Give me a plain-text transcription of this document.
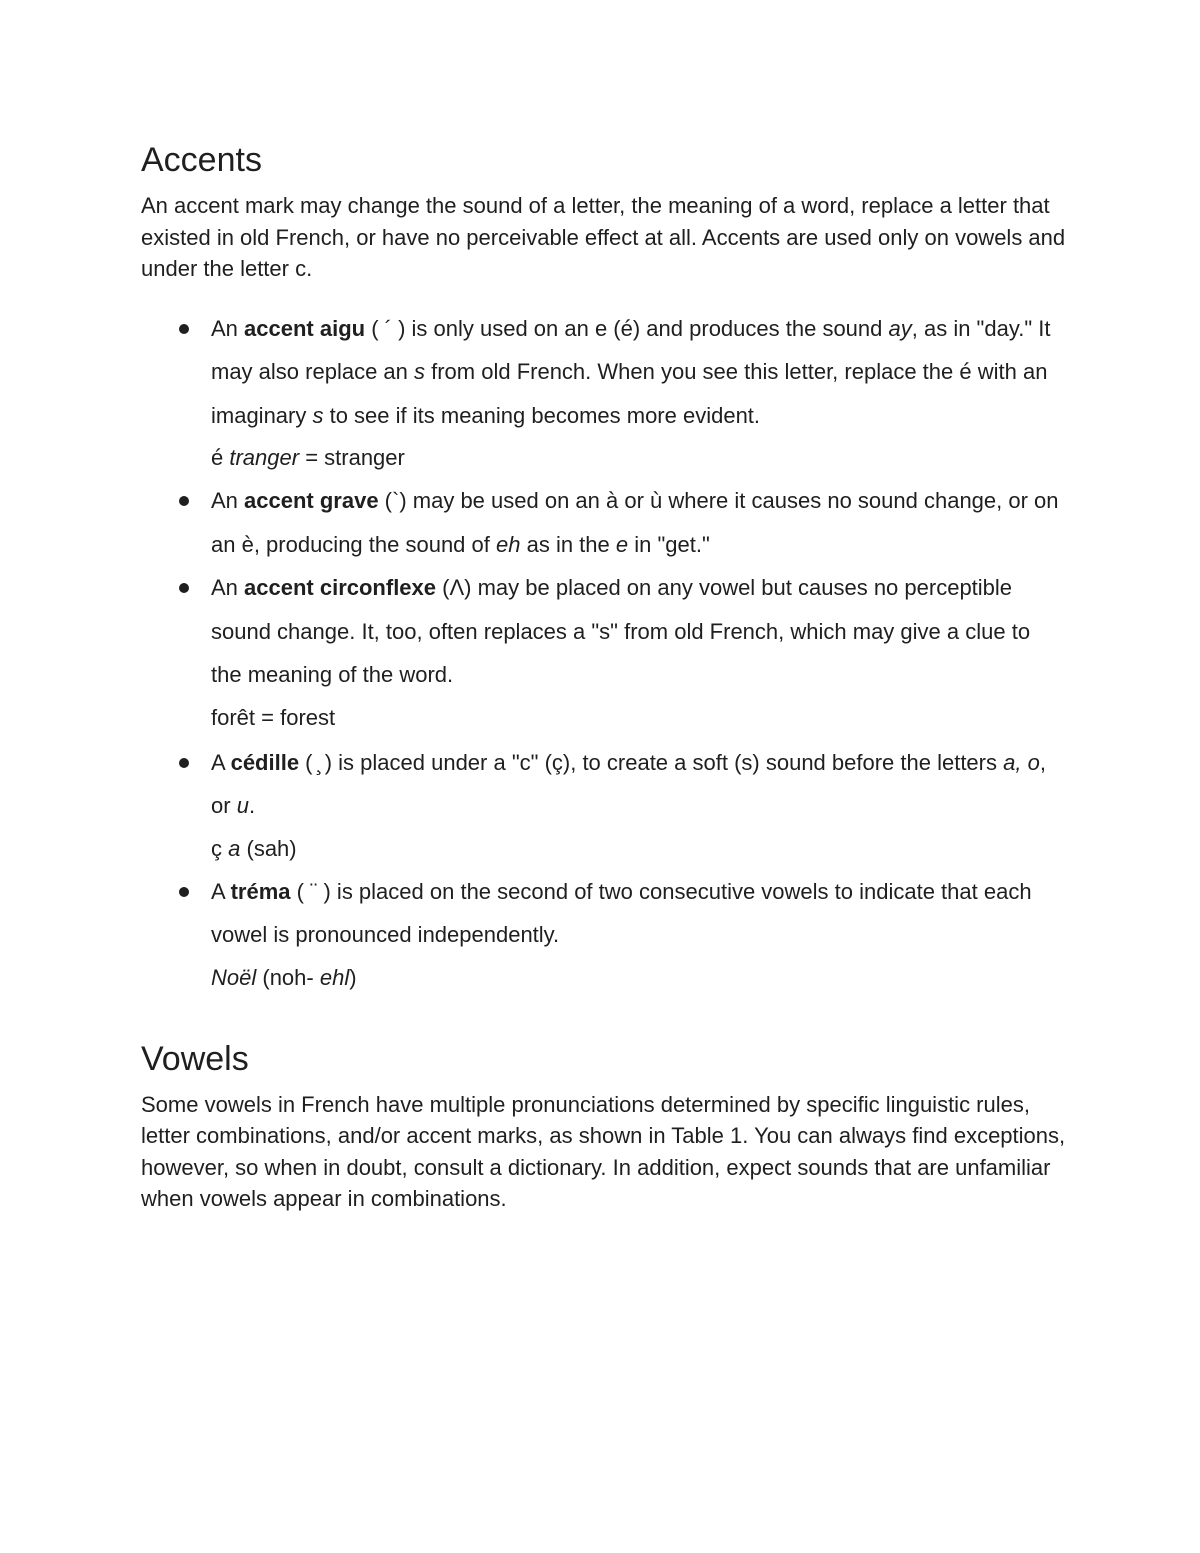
Accents

An accent mark may change the sound of a letter, the meaning of a word, replace a letter that existed in old French, or have no perceivable effect at all. Accents are used only on vowels and under the letter c.

An accent aigu ( ´ ) is only used on an e (é) and produces the sound ay, as in "day." It may also replace an s from old French. When you see this letter, replace the é with an imaginary s to see if its meaning becomes more evident.
é tranger = stranger
An accent grave (`) may be used on an à or ù where it causes no sound change, or on an è, producing the sound of eh as in the e in "get."
An accent circonflexe (Λ) may be placed on any vowel but causes no perceptible sound change. It, too, often replaces a "s" from old French, which may give a clue to the meaning of the word.
forêt = forest
A cédille ( ̧ ) is placed under a "c" (ç), to create a soft (s) sound before the letters a, o, or u.
ç a (sah)
A tréma ( ¨ ) is placed on the second of two consecutive vowels to indicate that each vowel is pronounced independently.
Noël (noh- ehl)
Vowels

Some vowels in French have multiple pronunciations determined by specific linguistic rules, letter combinations, and/or accent marks, as shown in Table 1. You can always find exceptions, however, so when in doubt, consult a dictionary. In addition, expect sounds that are unfamiliar when vowels appear in combinations.
